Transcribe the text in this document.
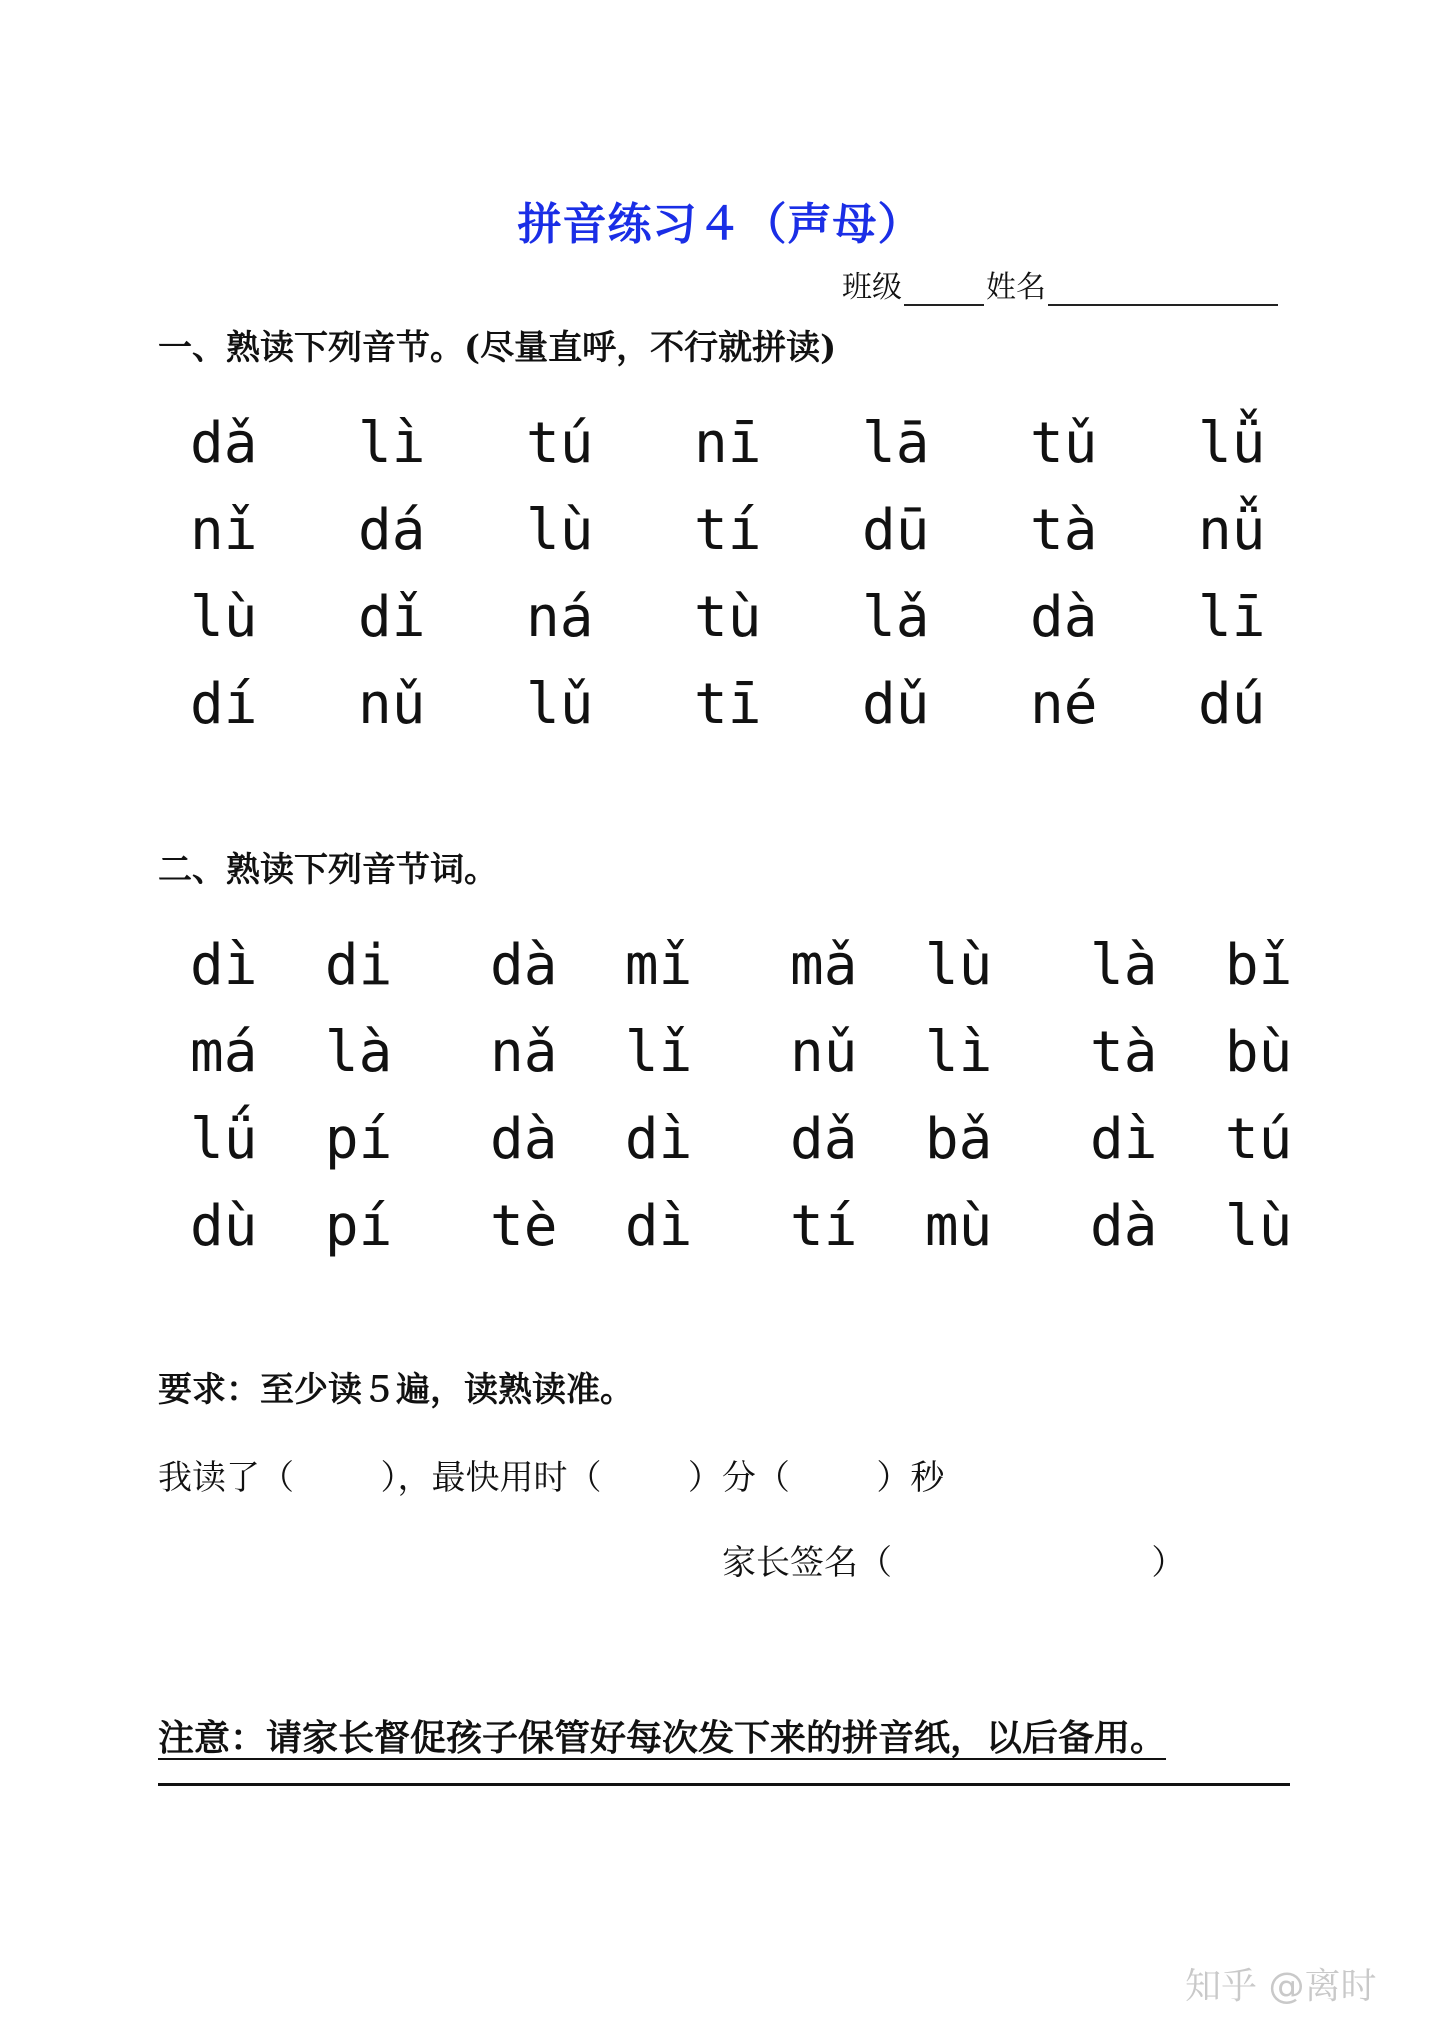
拼音练习４（声母）
班级	姓名
一、熟读下列音节。(尽量直呼，不行就拼读)
dǎ	lì	tú	nī	lā	tǔ	lǚ
nǐ	dá	lù	tí	dū	tà	nǚ
lù	dǐ	ná	tù	lǎ	dà	lī
dí	nǔ	lǔ	tī	dǔ	né	dú
二、熟读下列音节词。
dì  di	dà  mǐ	mǎ  lù	là  bǐ
má  là	nǎ  lǐ	nǔ  lì	tà  bù
lǘ  pí	dà  dì	dǎ  bǎ	dì  tú
dù  pí	tè  dì	tí  mù	dà  lù
要求：至少读５遍，读熟读准。
我读了（        ），最快用时（        ）分（        ）秒
家长签名（                        ）
注意：请家长督促孩子保管好每次发下来的拼音纸，以后备用。
知乎 @离时
